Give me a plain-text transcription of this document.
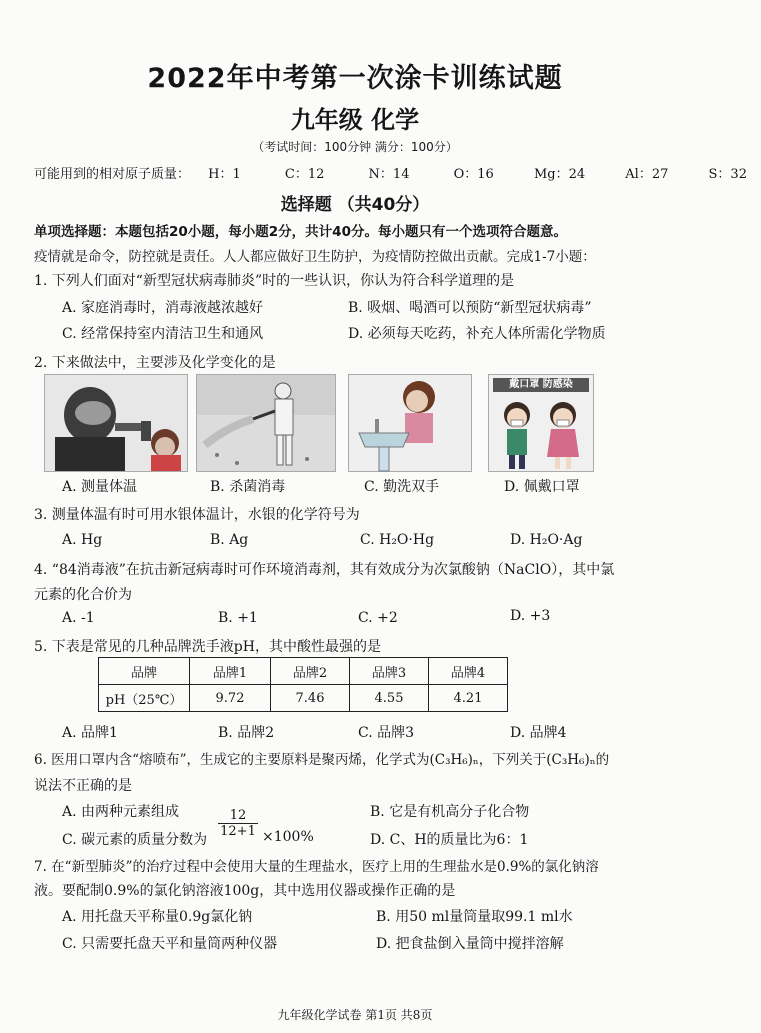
2022年中考第一次涂卡训练试题
九年级 化学
（考试时间：100分钟 满分：100分）
可能用到的相对原子质量： H：1	C：12	N：14	O：16	Mg：24	Al：27	S：32
选择题 （共40分）
单项选择题：本题包括20小题，每小题2分，共计40分。每小题只有一个选项符合题意。
疫情就是命令，防控就是责任。人人都应做好卫生防护，为疫情防控做出贡献。完成1-7小题：
1. 下列人们面对“新型冠状病毒肺炎”时的一些认识，你认为符合科学道理的是
A. 家庭消毒时，消毒液越浓越好	B. 吸烟、喝酒可以预防“新型冠状病毒”
C. 经常保持室内清洁卫生和通风	D. 必须每天吃药，补充人体所需化学物质
2. 下来做法中，主要涉及化学变化的是
戴口罩 防感染
A. 测量体温	B. 杀菌消毒	C. 勤洗双手	D. 佩戴口罩
3. 测量体温有时可用水银体温计，水银的化学符号为
A. Hg	B. Ag	C. H₂O·Hg	D. H₂O·Ag
4. “84消毒液”在抗击新冠病毒时可作环境消毒剂，其有效成分为次氯酸钠（NaClO），其中氯
元素的化合价为
A. -1	B. +1	C. +2	D. +3
5. 下表是常见的几种品牌洗手液pH，其中酸性最强的是
品牌	品牌1	品牌2	品牌3	品牌4
pH（25℃）	9.72	7.46	4.55	4.21
A. 品牌1	B. 品牌2	C. 品牌3	D. 品牌4
6. 医用口罩内含“熔喷布”，生成它的主要原料是聚丙烯，化学式为(C₃H₆)ₙ，下列关于(C₃H₆)ₙ的
说法不正确的是
A. 由两种元素组成	B. 它是有机高分子化合物
C. 碳元素的质量分数为
$\frac{12}{12+1} \times 100\%$	D. C、H的质量比为6：1
7. 在“新型肺炎”的治疗过程中会使用大量的生理盐水，医疗上用的生理盐水是0.9%的氯化钠溶
液。要配制0.9%的氯化钠溶液100g，其中选用仪器或操作正确的是
A. 用托盘天平称量0.9g氯化钠	B. 用50 ml量筒量取99.1 ml水
C. 只需要托盘天平和量筒两种仪器	D. 把食盐倒入量筒中搅拌溶解
九年级化学试卷 第1页 共8页
